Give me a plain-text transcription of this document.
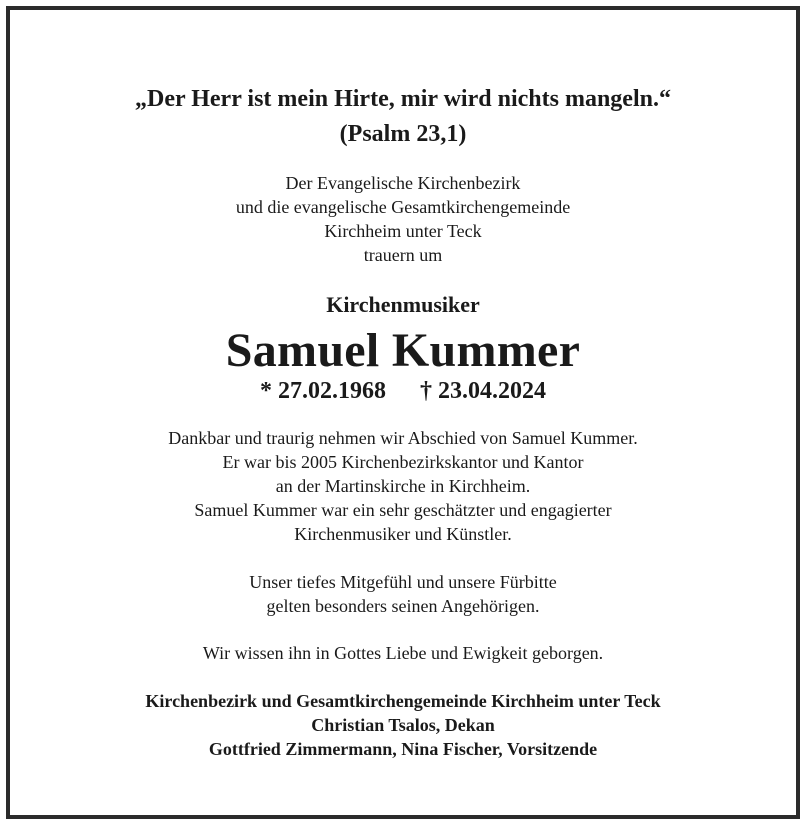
„Der Herr ist mein Hirte, mir wird nichts mangeln.“
(Psalm 23,1)
Der Evangelische Kirchenbezirk
und die evangelische Gesamtkirchengemeinde
Kirchheim unter Teck
trauern um
Kirchenmusiker
Samuel Kummer
* 27.02.1968 † 23.04.2024
Dankbar und traurig nehmen wir Abschied von Samuel Kummer.
Er war bis 2005 Kirchenbezirkskantor und Kantor
an der Martinskirche in Kirchheim.
Samuel Kummer war ein sehr geschätzter und engagierter
Kirchenmusiker und Künstler.
Unser tiefes Mitgefühl und unsere Fürbitte
gelten besonders seinen Angehörigen.
Wir wissen ihn in Gottes Liebe und Ewigkeit geborgen.
Kirchenbezirk und Gesamtkirchengemeinde Kirchheim unter Teck
Christian Tsalos, Dekan
Gottfried Zimmermann, Nina Fischer, Vorsitzende
